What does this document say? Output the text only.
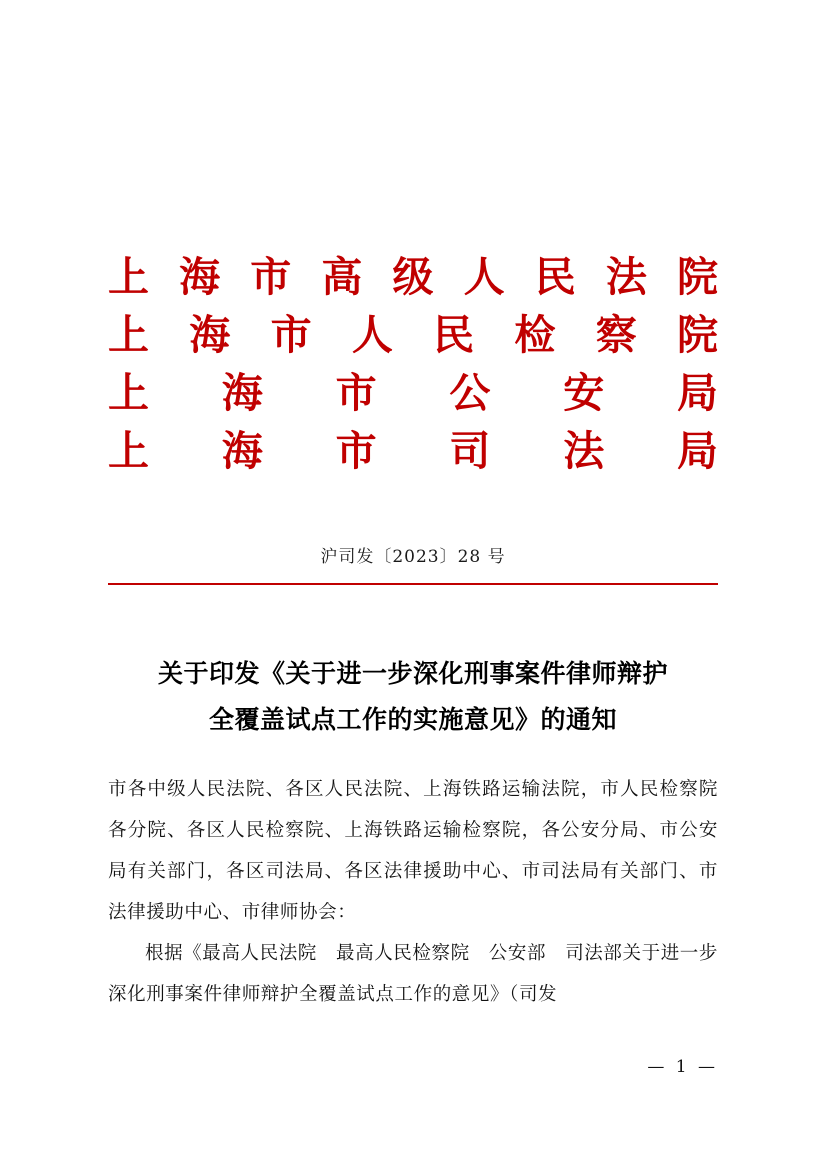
上海市高级人民法院
上海市人民检察院
上海市公安局
上海市司法局
沪司发〔2023〕28 号
关于印发《关于进一步深化刑事案件律师辩护
全覆盖试点工作的实施意见》的通知

市各中级人民法院、各区人民法院、上海铁路运输法院，市人民检察院各分院、各区人民检察院、上海铁路运输检察院，各公安分局、市公安局有关部门，各区司法局、各区法律援助中心、市司法局有关部门、市法律援助中心、市律师协会：

根据《最高人民法院　最高人民检察院　公安部　司法部关于进一步深化刑事案件律师辩护全覆盖试点工作的意见》（司发

— 1 —
